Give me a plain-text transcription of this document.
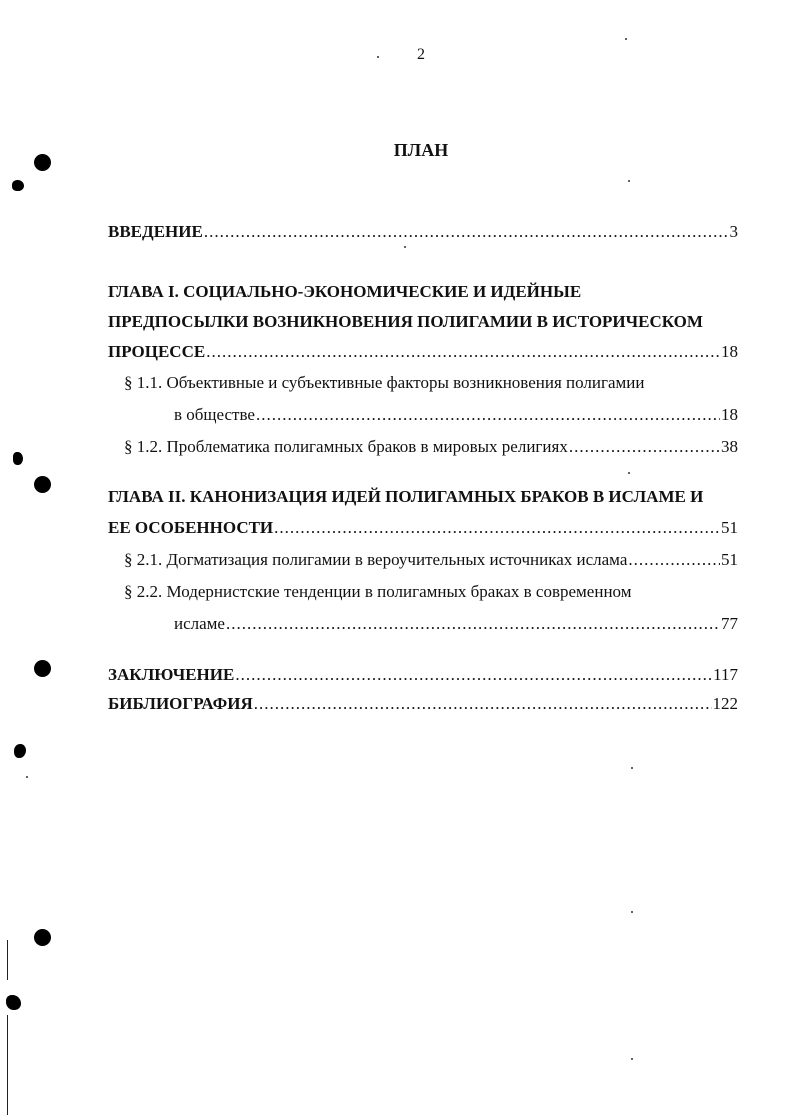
2
ПЛАН
ВВЕДЕНИЕ .....	3
ГЛАВА I. СОЦИАЛЬНО-ЭКОНОМИЧЕСКИЕ И ИДЕЙНЫЕ
ПРЕДПОСЫЛКИ ВОЗНИКНОВЕНИЯ ПОЛИГАМИИ В ИСТОРИЧЕСКОМ
ПРОЦЕССЕ .....	18
§ 1.1. Объективные и субъективные факторы возникновения полигамии
в обществе .....	18
§ 1.2. Проблематика полигамных браков в мировых религиях .....	38
ГЛАВА II. КАНОНИЗАЦИЯ ИДЕЙ ПОЛИГАМНЫХ БРАКОВ В ИСЛАМЕ И
ЕЕ ОСОБЕННОСТИ .....	51
§ 2.1. Догматизация полигамии в вероучительных источниках ислама .....	51
§ 2.2. Модернистские тенденции в полигамных браках в современном
исламе .....	77
ЗАКЛЮЧЕНИЕ .....	117
БИБЛИОГРАФИЯ .....	122
